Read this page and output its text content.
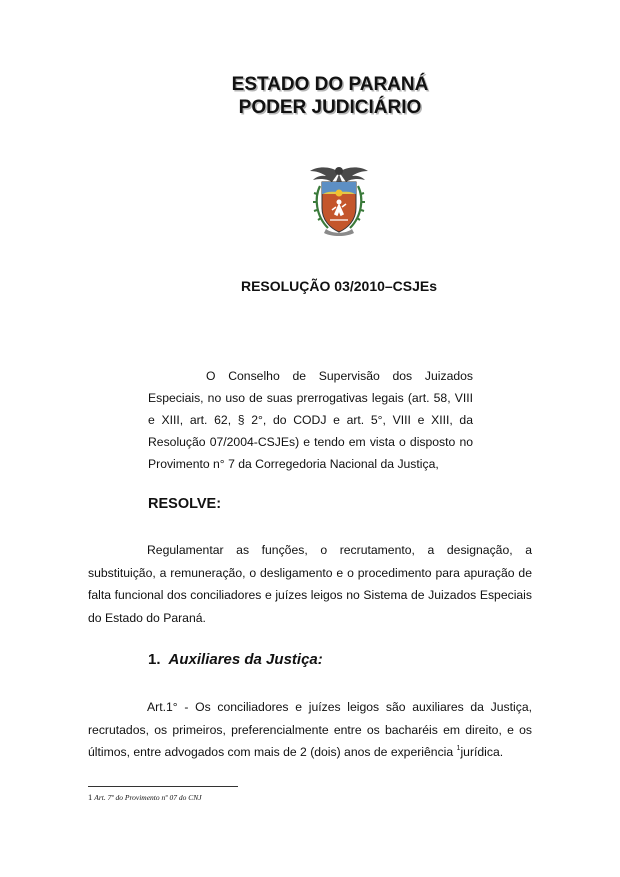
ESTADO DO PARANÁ
PODER JUDICIÁRIO
RESOLUÇÃO 03/2010–CSJEs
O Conselho de Supervisão dos Juizados Especiais, no uso de suas prerrogativas legais (art. 58, VIII e XIII, art. 62, § 2°, do CODJ e art. 5°, VIII e XIII, da Resolução 07/2004-CSJEs) e tendo em vista o disposto no Provimento n° 7 da Corregedoria Nacional da Justiça,
RESOLVE:
Regulamentar as funções, o recrutamento, a designação, a substituição, a remuneração, o desligamento e o procedimento para apuração de falta funcional dos conciliadores e juízes leigos no Sistema de Juizados Especiais do Estado do Paraná.
1. Auxiliares da Justiça:
Art.1° - Os conciliadores e juízes leigos são auxiliares da Justiça, recrutados, os primeiros, preferencialmente entre os bacharéis em direito, e os últimos, entre advogados com mais de 2 (dois) anos de experiência $^1$jurídica.
1 Art. 7º do Provimento nº 07 do CNJ
